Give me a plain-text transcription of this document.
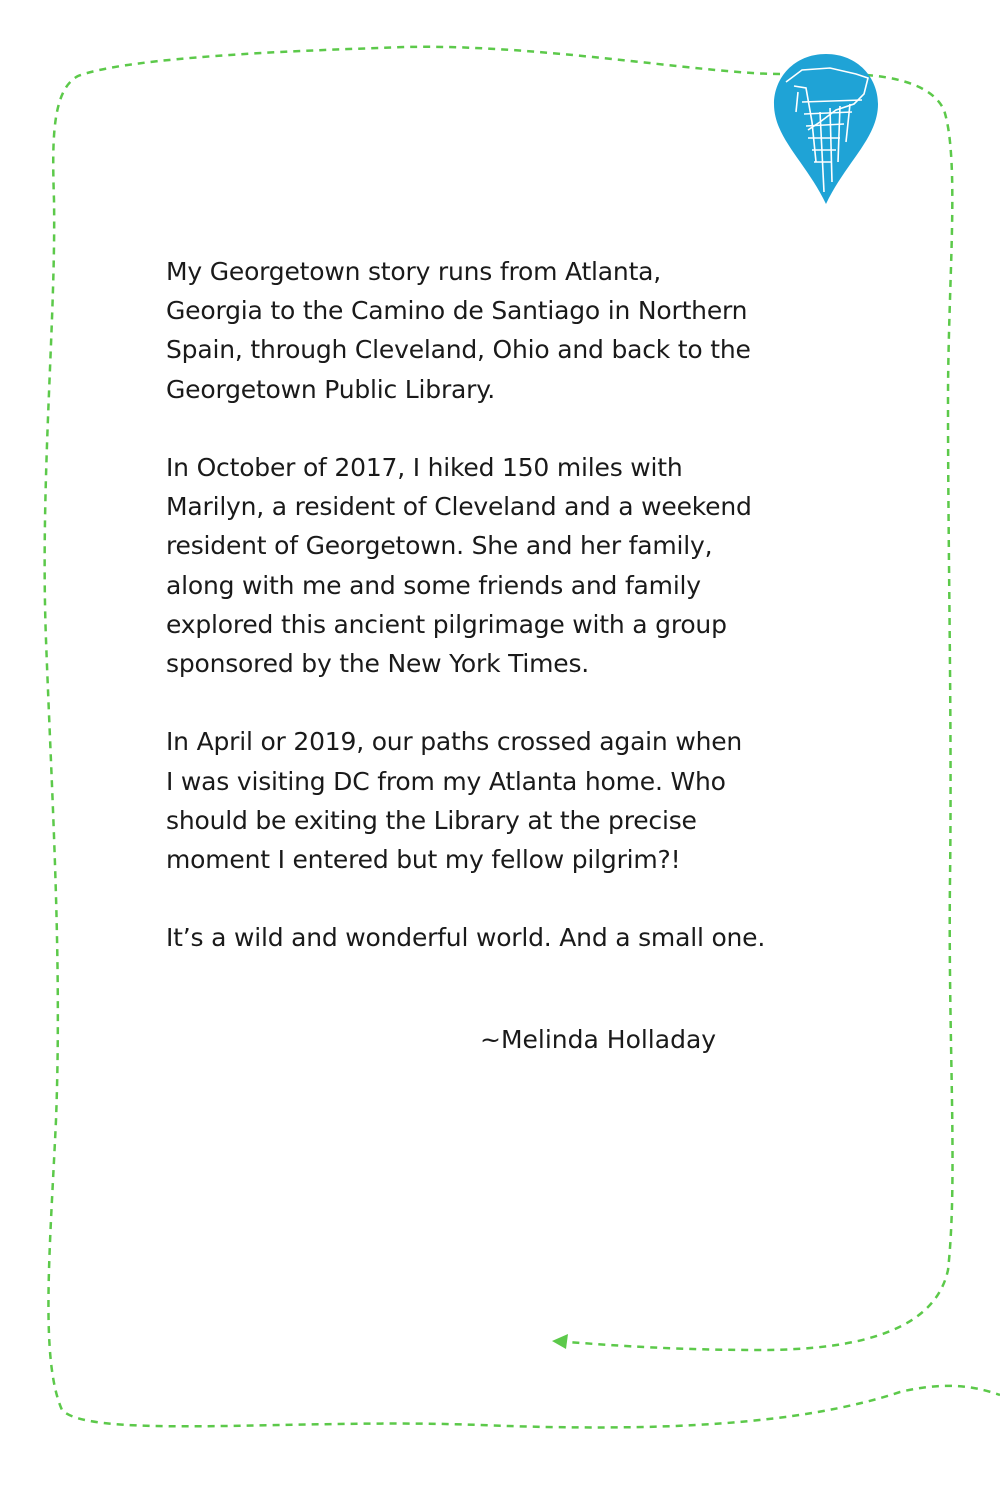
My Georgetown story runs from Atlanta,
Georgia to the Camino de Santiago in Northern
Spain, through Cleveland, Ohio and back to the
Georgetown Public Library.

In October of 2017, I hiked 150 miles with
Marilyn, a resident of Cleveland and a weekend
resident of Georgetown. She and her family,
along with me and some friends and family
explored this ancient pilgrimage with a group
sponsored by the New York Times.

In April or 2019, our paths crossed again when
I was visiting DC from my Atlanta home. Who
should be exiting the Library at the precise
moment I entered but my fellow pilgrim?!

It’s a wild and wonderful world. And a small one.

~Melinda Holladay
